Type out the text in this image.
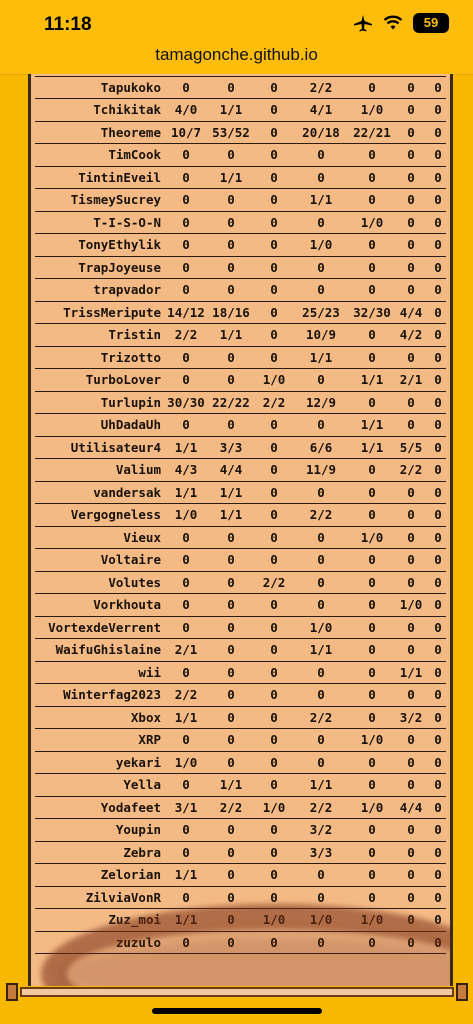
11:18	59
tamagonche.github.io
Tapukoko	0	0	0	2/2	0	0	0
Tchikitak	4/0	1/1	0	4/1	1/0	0	0
Theoreme 10/7 53/52	0	20/18	22/21	0	0
TimCook	0	0	0	0	0	0	0
TintinEveil	0	1/1	0	0	0	0	0
TismeySucrey	0	0	0	1/1	0	0	0
T-I-S-O-N	0	0	0	0	1/0	0	0
TonyEthylik	0	0	0	1/0	0	0	0
TrapJoyeuse	0	0	0	0	0	0	0
trapvador	0	0	0	0	0	0	0
TrissMeripute 14/12 18/16	0	25/23	32/30 4/4 0
Tristin	2/2	1/1	0	10/9	0	4/2 0
Trizotto	0	0	0	1/1	0	0	0
TurboLover	0	0	1/0	0	1/1	2/1 0
Turlupin 30/30 22/22	2/2	12/9	0	0	0
UhDadaUh	0	0	0	0	1/1	0	0
Utilisateur4	1/1	3/3	0	6/6	1/1	5/5 0
Valium	4/3	4/4	0	11/9	0	2/2 0
vandersak	1/1	1/1	0	0	0	0	0
Vergogneless	1/0	1/1	0	2/2	0	0	0
Vieux	0	0	0	0	1/0	0	0
Voltaire	0	0	0	0	0	0	0
Volutes	0	0	2/2	0	0	0	0
Vorkhouta	0	0	0	0	0	1/0 0
VortexdeVerrent	0	0	0	1/0	0	0	0
WaifuGhislaine	2/1	0	0	1/1	0	0	0
wii	0	0	0	0	0	1/1 0
Winterfag2023	2/2	0	0	0	0	0	0
Xbox	1/1	0	0	2/2	0	3/2 0
XRP	0	0	0	0	1/0	0	0
yekari	1/0	0	0	0	0	0	0
Yella	0	1/1	0	1/1	0	0	0
Yodafeet	3/1	2/2	1/0	2/2	1/0	4/4 0
Youpin	0	0	0	3/2	0	0	0
Zebra	0	0	0	3/3	0	0	0
Zelorian	1/1	0	0	0	0	0	0
ZilviaVonR	0	0	0	0	0	0	0
Zuz_moi	1/1	0	1/0	1/0	1/0	0	0
zuzulo	0	0	0	0	0	0	0
